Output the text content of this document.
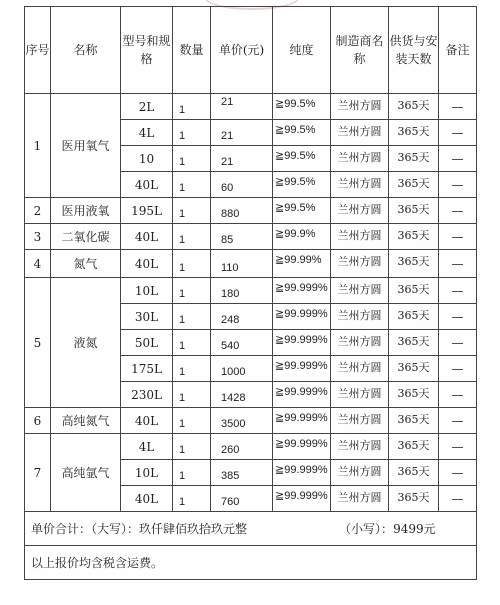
序号	名称	型号和规格	数量	单价(元)	纯度	制造商名称	供货与安装天数	备注
1	医用氧气	2L	1	21	≧99.5%	兰州方圆	365天	—
		4L	1	21	≧99.5%	兰州方圆	365天	—
		10	1	21	≧99.5%	兰州方圆	365天	—
		40L	1	60	≧99.5%	兰州方圆	365天	—
2	医用液氧	195L	1	880	≧99.5%	兰州方圆	365天	—
3	二氧化碳	40L	1	85	≧99.9%	兰州方圆	365天	—
4	氮气	40L	1	110	≧99.99%	兰州方圆	365天	—
5	液氮	10L	1	180	≧99.999%	兰州方圆	365天	—
		30L	1	248	≧99.999%	兰州方圆	365天	—
		50L	1	540	≧99.999%	兰州方圆	365天	—
		175L	1	1000	≧99.999%	兰州方圆	365天	—
		230L	1	1428	≧99.999%	兰州方圆	365天	—
6	高纯氮气	40L	1	3500	≧99.999%	兰州方圆	365天	—
7	高纯氩气	4L	1	260	≧99.999%	兰州方圆	365天	—
		10L	1	385	≧99.999%	兰州方圆	365天	—
		40L	1	760	≧99.999%	兰州方圆	365天	—
单价合计：（大写）：玖仟肆佰玖拾玖元整 （小写）：9499元								
以上报价均含税含运费。								
